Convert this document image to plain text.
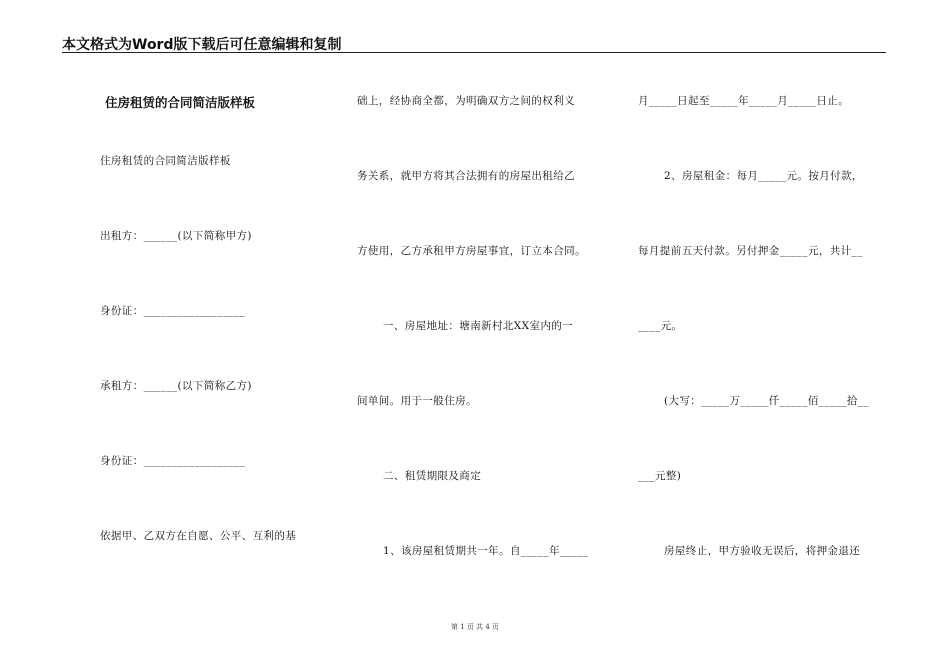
本文格式为Word版下载后可任意编辑和复制
住房租赁的合同简洁版样板
住房租赁的合同简洁版样板
出租方：______(以下简称甲方)
身份证：__________________
承租方：______(以下简称乙方)
身份证：__________________
依据甲、乙双方在自愿、公平、互利的基
础上，经协商全都，为明确双方之间的权利义
务关系，就甲方将其合法拥有的房屋出租给乙
方使用，乙方承租甲方房屋事宜，订立本合同。
一、房屋地址：塘南新村北XX室内的一
间单间。用于一般住房。
二、租赁期限及商定
1、该房屋租赁期共一年。自_____年_____
月_____日起至_____年_____月_____日止。
2、房屋租金：每月_____元。按月付款，
每月提前五天付款。另付押金_____元，共计__
____元。
(大写：_____万_____仟_____佰_____拾__
___元整)
房屋终止，甲方验收无误后，将押金退还
第 1 页 共 4 页
